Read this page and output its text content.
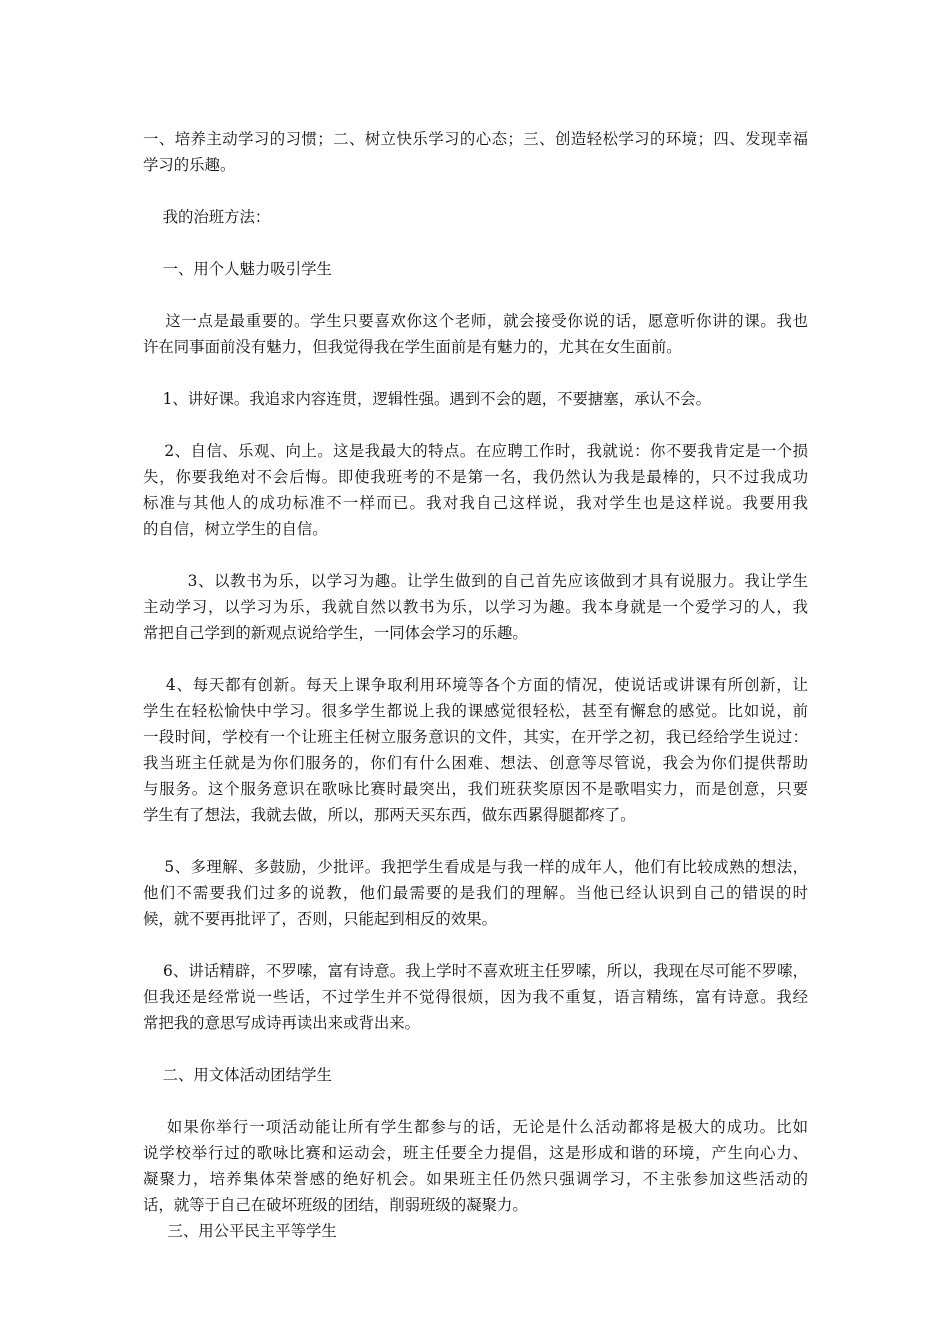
一、培养主动学习的习惯；二、树立快乐学习的心态；三、创造轻松学习的环境；四、发现幸福
学习的乐趣。

我的治班方法：

一、用个人魅力吸引学生

这一点是最重要的。学生只要喜欢你这个老师，就会接受你说的话，愿意听你讲的课。我也
许在同事面前没有魅力，但我觉得我在学生面前是有魅力的，尤其在女生面前。

1、讲好课。我追求内容连贯，逻辑性强。遇到不会的题，不要搪塞，承认不会。

2、自信、乐观、向上。这是我最大的特点。在应聘工作时，我就说：你不要我肯定是一个损
失，你要我绝对不会后悔。即使我班考的不是第一名，我仍然认为我是最棒的，只不过我成功
标准与其他人的成功标准不一样而已。我对我自己这样说，我对学生也是这样说。我要用我
的自信，树立学生的自信。

3、以教书为乐，以学习为趣。让学生做到的自己首先应该做到才具有说服力。我让学生
主动学习，以学习为乐，我就自然以教书为乐，以学习为趣。我本身就是一个爱学习的人，我
常把自己学到的新观点说给学生，一同体会学习的乐趣。

4、每天都有创新。每天上课争取利用环境等各个方面的情况，使说话或讲课有所创新，让
学生在轻松愉快中学习。很多学生都说上我的课感觉很轻松，甚至有懈怠的感觉。比如说，前
一段时间，学校有一个让班主任树立服务意识的文件，其实，在开学之初，我已经给学生说过：
我当班主任就是为你们服务的，你们有什么困难、想法、创意等尽管说，我会为你们提供帮助
与服务。这个服务意识在歌咏比赛时最突出，我们班获奖原因不是歌唱实力，而是创意，只要
学生有了想法，我就去做，所以，那两天买东西，做东西累得腿都疼了。

5、多理解、多鼓励，少批评。我把学生看成是与我一样的成年人，他们有比较成熟的想法，
他们不需要我们过多的说教，他们最需要的是我们的理解。当他已经认识到自己的错误的时
候，就不要再批评了，否则，只能起到相反的效果。

6、讲话精辟，不罗嗦，富有诗意。我上学时不喜欢班主任罗嗦，所以，我现在尽可能不罗嗦，
但我还是经常说一些话，不过学生并不觉得很烦，因为我不重复，语言精练，富有诗意。我经
常把我的意思写成诗再读出来或背出来。

二、用文体活动团结学生

如果你举行一项活动能让所有学生都参与的话，无论是什么活动都将是极大的成功。比如
说学校举行过的歌咏比赛和运动会，班主任要全力提倡，这是形成和谐的环境，产生向心力、
凝聚力，培养集体荣誉感的绝好机会。如果班主任仍然只强调学习，不主张参加这些活动的
话，就等于自己在破坏班级的团结，削弱班级的凝聚力。

三、用公平民主平等学生
